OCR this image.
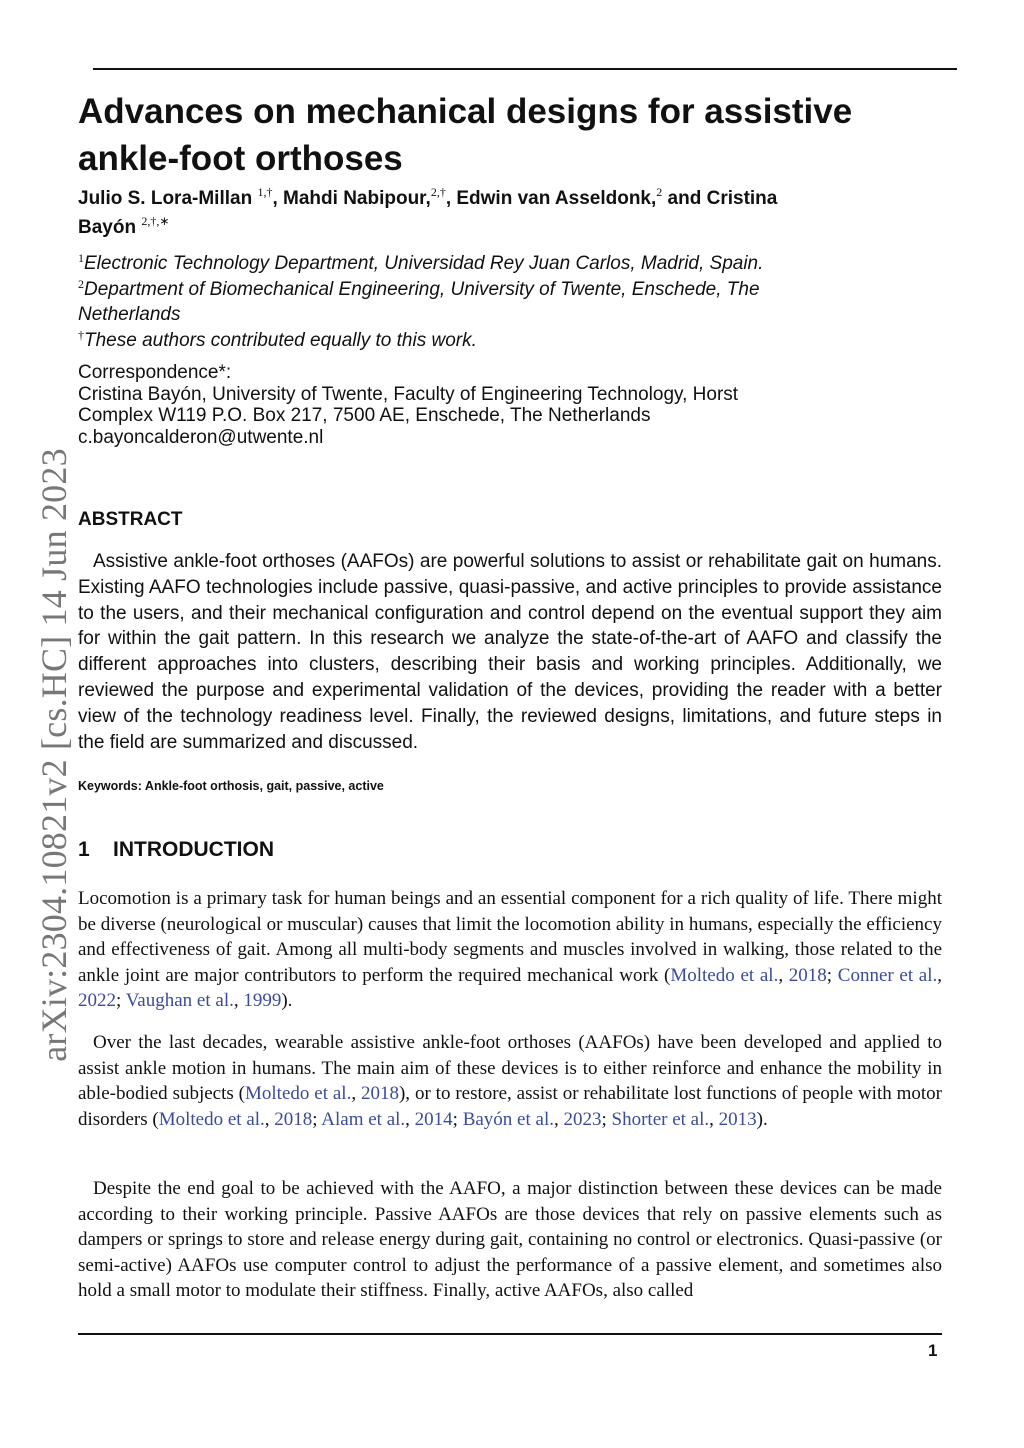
arXiv:2304.10821v2 [cs.HC] 14 Jun 2023
Advances on mechanical designs for assistive
ankle-foot orthoses
Julio S. Lora-Millan $^{1,\dagger}$, Mahdi Nabipour,$^{2,\dagger}$, Edwin van Asseldonk,$^2$ and Cristina
Bayón $^{2,\dagger,∗}$
$^1$Electronic Technology Department, Universidad Rey Juan Carlos, Madrid, Spain.
$^2$Department of Biomechanical Engineering, University of Twente, Enschede, The
Netherlands
†These authors contributed equally to this work.
Correspondence*:
Cristina Bayón, University of Twente, Faculty of Engineering Technology, Horst
Complex W119 P.O. Box 217, 7500 AE, Enschede, The Netherlands
c.bayoncalderon@utwente.nl
ABSTRACT

Assistive ankle-foot orthoses (AAFOs) are powerful solutions to assist or rehabilitate gait on humans. Existing AAFO technologies include passive, quasi-passive, and active principles to provide assistance to the users, and their mechanical configuration and control depend on the eventual support they aim for within the gait pattern. In this research we analyze the state-of-the-art of AAFO and classify the different approaches into clusters, describing their basis and working principles. Additionally, we reviewed the purpose and experimental validation of the devices, providing the reader with a better view of the technology readiness level. Finally, the reviewed designs, limitations, and future steps in the field are summarized and discussed.

Keywords: Ankle-foot orthosis, gait, passive, active
1 INTRODUCTION

Locomotion is a primary task for human beings and an essential component for a rich quality of life. There might be diverse (neurological or muscular) causes that limit the locomotion ability in humans, especially the efficiency and effectiveness of gait. Among all multi-body segments and muscles involved in walking, those related to the ankle joint are major contributors to perform the required mechanical work (Moltedo et al., 2018; Conner et al., 2022; Vaughan et al., 1999).

Over the last decades, wearable assistive ankle-foot orthoses (AAFOs) have been developed and applied to assist ankle motion in humans. The main aim of these devices is to either reinforce and enhance the mobility in able-bodied subjects (Moltedo et al., 2018), or to restore, assist or rehabilitate lost functions of people with motor disorders (Moltedo et al., 2018; Alam et al., 2014; Bayón et al., 2023; Shorter et al., 2013).

Despite the end goal to be achieved with the AAFO, a major distinction between these devices can be made according to their working principle. Passive AAFOs are those devices that rely on passive elements such as dampers or springs to store and release energy during gait, containing no control or electronics. Quasi-passive (or semi-active) AAFOs use computer control to adjust the performance of a passive element, and sometimes also hold a small motor to modulate their stiffness. Finally, active AAFOs, also called

1
